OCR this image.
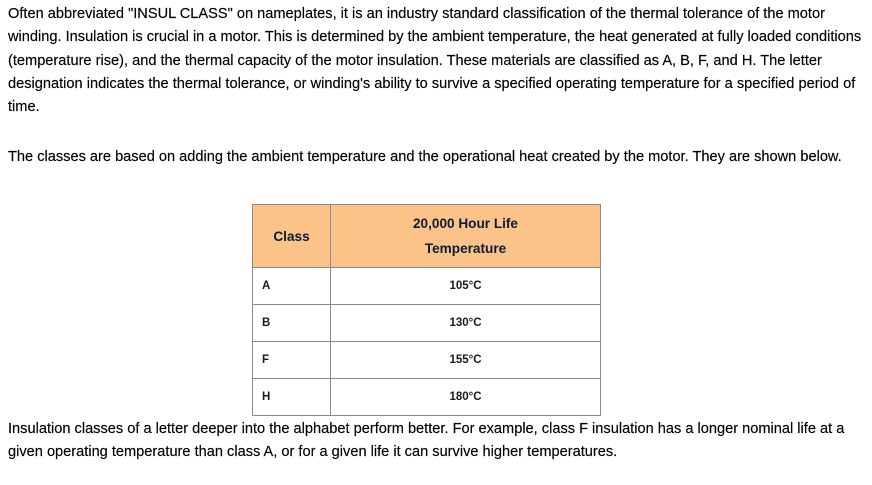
Often abbreviated "INSUL CLASS" on nameplates, it is an industry standard classification of the thermal tolerance of the motor winding. Insulation is crucial in a motor. This is determined by the ambient temperature, the heat generated at fully loaded conditions (temperature rise), and the thermal capacity of the motor insulation. These materials are classified as A, B, F, and H. The letter designation indicates the thermal tolerance, or winding's ability to survive a specified operating temperature for a specified period of time.

The classes are based on adding the ambient temperature and the operational heat created by the motor. They are shown below.

Class	20,000 Hour Life
Temperature

A	105°C
B	130°C
F	155°C
H	180°C

Insulation classes of a letter deeper into the alphabet perform better. For example, class F insulation has a longer nominal life at a given operating temperature than class A, or for a given life it can survive higher temperatures.
